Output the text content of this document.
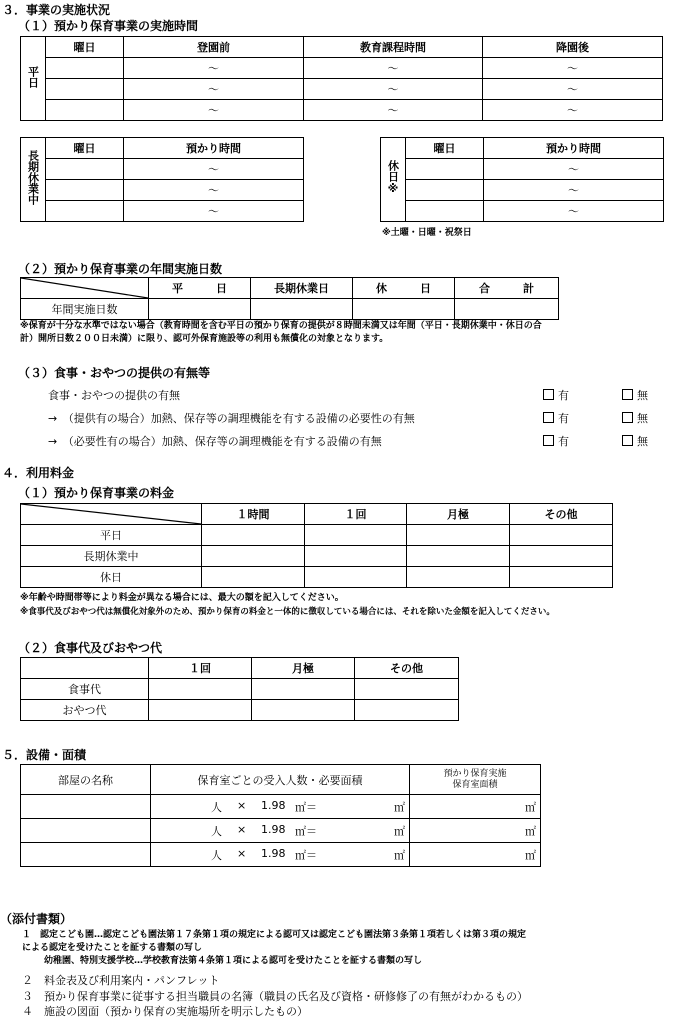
３．事業の実施状況
（１）預かり保育事業の実施時間
平日	曜日	登園前	教育課程時間	降園後
		～	～	～
		～	～	～
		～	～	～
長期休業中	曜日	預かり時間
		～
		～
		～
休日※	曜日	預かり時間
		～
		～
		～
※土曜・日曜・祝祭日
（２）預かり保育事業の年間実施日数
	平　　　日	長期休業日	休　　　日	合　　　計
年間実施日数				
※保育が十分な水準ではない場合（教育時間を含む平日の預かり保育の提供が８時間未満又は年間（平日・長期休業中・休日の合
計）開所日数２００日未満）に限り、認可外保育施設等の利用も無償化の対象となります。
（３）食事・おやつの提供の有無等
食事・おやつの提供の有無	有	無
→　（提供有の場合）加熱、保存等の調理機能を有する設備の必要性の有無	有	無
→　（必要性有の場合）加熱、保存等の調理機能を有する設備の有無	有	無
４．利用料金
（１）預かり保育事業の料金
	１時間	１回	月極	その他
平日				
長期休業中				
休日				
※年齢や時間帯等により料金が異なる場合には、最大の額を記入してください。
※食事代及びおやつ代は無償化対象外のため、預かり保育の料金と一体的に徴収している場合には、それを除いた金額を記入してください。
（２）食事代及びおやつ代
	１回	月極	その他
食事代			
おやつ代			
５．設備・面積
部屋の名称	保育室ごとの受入人数・必要面積	預かり保育実施
保育室面積

	人 × 1.98 ㎡＝ ㎡	㎡

	人 × 1.98 ㎡＝ ㎡	㎡

	人 × 1.98 ㎡＝ ㎡	㎡
（添付書類）
１　認定こども園…認定こども園法第１７条第１項の規定による認可又は認定こども園法第３条第１項若しくは第３項の規定
による認定を受けたことを証する書類の写し
幼稚園、特別支援学校…学校教育法第４条第１項による認可を受けたことを証する書類の写し
２　料金表及び利用案内・パンフレット
３　預かり保育事業に従事する担当職員の名簿（職員の氏名及び資格・研修修了の有無がわかるもの）
４　施設の図面（預かり保育の実施場所を明示したもの）
